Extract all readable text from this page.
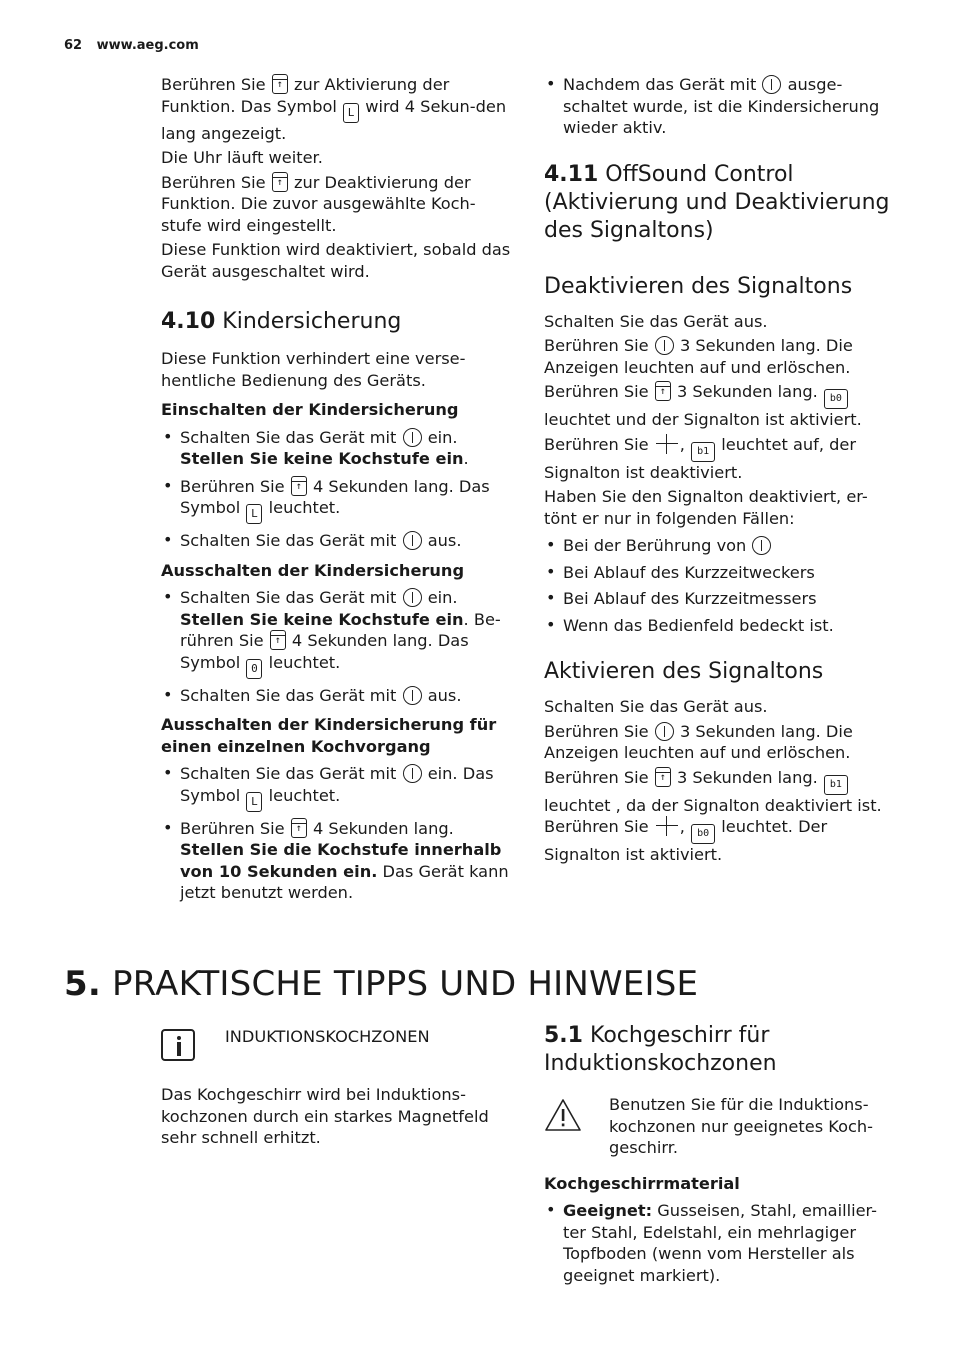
62 www.aeg.com

Berühren Sie ↑ zur Aktivierung der Funktion. Das Symbol L wird 4 Sekun-den lang angezeigt.

Die Uhr läuft weiter.

Berühren Sie ↑ zur Deaktivierung der Funktion. Die zuvor ausgewählte Koch-stufe wird eingestellt.

Diese Funktion wird deaktiviert, sobald das Gerät ausgeschaltet wird.

4.10 Kindersicherung

Diese Funktion verhindert eine verse-hentliche Bedienung des Geräts.

Einschalten der Kindersicherung
• Schalten Sie das Gerät mit ein. Stellen Sie keine Kochstufe ein.
• Berühren Sie ↑ 4 Sekunden lang. Das Symbol L leuchtet.
• Schalten Sie das Gerät mit aus.
Ausschalten der Kindersicherung
• Schalten Sie das Gerät mit ein. Stellen Sie keine Kochstufe ein. Be-rühren Sie ↑ 4 Sekunden lang. Das Symbol 0 leuchtet.
• Schalten Sie das Gerät mit aus.
Ausschalten der Kindersicherung für einen einzelnen Kochvorgang
• Schalten Sie das Gerät mit ein. Das Symbol L leuchtet.
• Berühren Sie ↑ 4 Sekunden lang. Stellen Sie die Kochstufe innerhalb von 10 Sekunden ein. Das Gerät kann jetzt benutzt werden.
• Nachdem das Gerät mit ausge-schaltet wurde, ist die Kindersicherung wieder aktiv.
4.11 OffSound Control (Aktivierung und Deaktivierung des Signaltons)
Deaktivieren des Signaltons

Schalten Sie das Gerät aus.

Berühren Sie 3 Sekunden lang. Die Anzeigen leuchten auf und erlöschen.

Berühren Sie ↑ 3 Sekunden lang. b0 leuchtet und der Signalton ist aktiviert.

Berühren Sie , b1 leuchtet auf, der Signalton ist deaktiviert.

Haben Sie den Signalton deaktiviert, er-tönt er nur in folgenden Fällen:

• Bei der Berührung von
• Bei Ablauf des Kurzzeitweckers
• Bei Ablauf des Kurzzeitmessers
• Wenn das Bedienfeld bedeckt ist.
Aktivieren des Signaltons

Schalten Sie das Gerät aus.

Berühren Sie 3 Sekunden lang. Die Anzeigen leuchten auf und erlöschen.

Berühren Sie ↑ 3 Sekunden lang. b1 leuchtet , da der Signalton deaktiviert ist. Berühren Sie , b0 leuchtet. Der Signalton ist aktiviert.

5. PRAKTISCHE TIPPS UND HINWEISE
INDUKTIONSKOCHZONEN

Das Kochgeschirr wird bei Induktions-kochzonen durch ein starkes Magnetfeld sehr schnell erhitzt.

5.1 Kochgeschirr für Induktionskochzonen
Benutzen Sie für die Induktions-kochzonen nur geeignetes Koch-geschirr.
Kochgeschirrmaterial
• Geeignet: Gusseisen, Stahl, emaillier-ter Stahl, Edelstahl, ein mehrlagiger Topfboden (wenn vom Hersteller als geeignet markiert).
